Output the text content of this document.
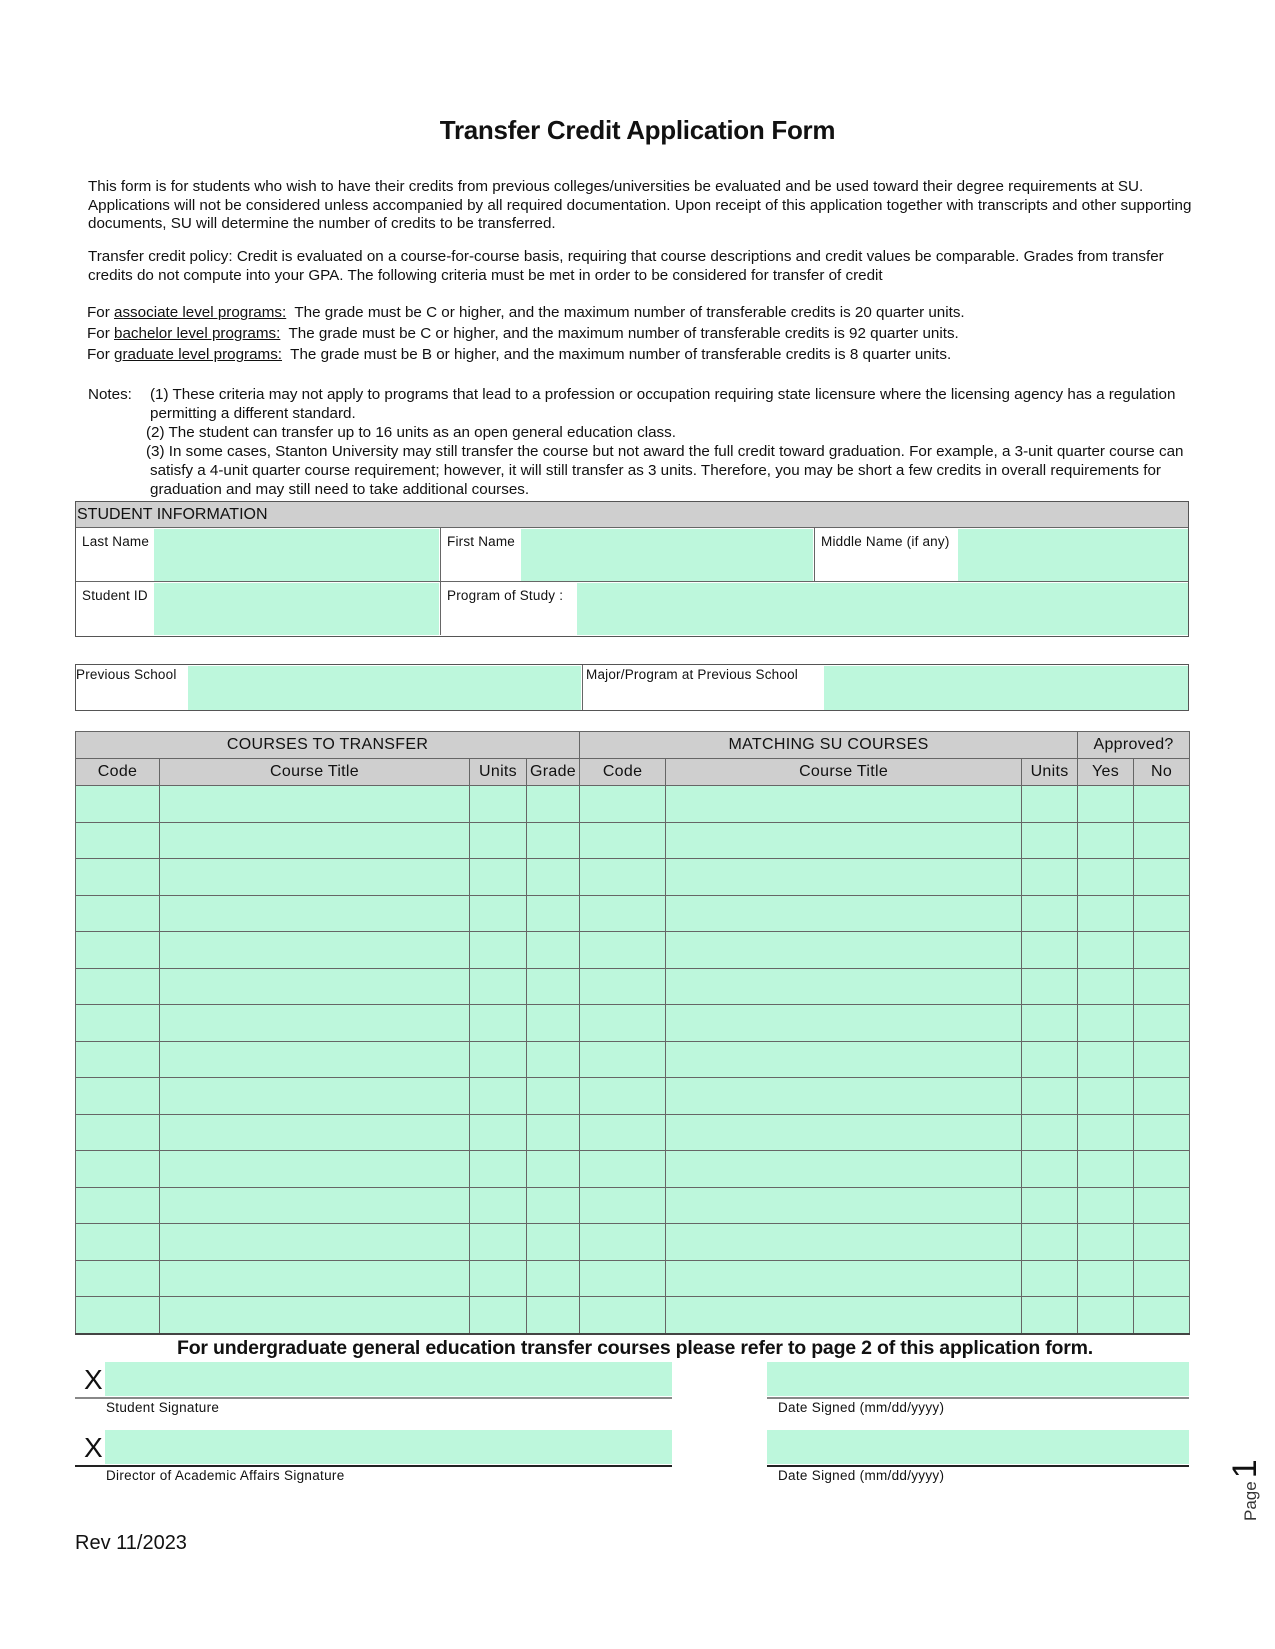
Transfer Credit Application Form
This form is for students who wish to have their credits from previous colleges/universities be evaluated and be used toward their degree requirements at SU. Applications will not be considered unless accompanied by all required documentation. Upon receipt of this application together with transcripts and other supporting documents, SU will determine the number of credits to be transferred.
Transfer credit policy: Credit is evaluated on a course-for-course basis, requiring that course descriptions and credit values be comparable. Grades from transfer credits do not compute into your GPA. The following criteria must be met in order to be considered for transfer of credit
For associate level programs:  The grade must be C or higher, and the maximum number of transferable credits is 20 quarter units.
For bachelor level programs:  The grade must be C or higher, and the maximum number of transferable credits is 92 quarter units.
For graduate level programs:  The grade must be B or higher, and the maximum number of transferable credits is 8 quarter units.
Notes: (1) These criteria may not apply to programs that lead to a profession or occupation requiring state licensure where the licensing agency has a regulation permitting a different standard.
(2) The student can transfer up to 16 units as an open general education class.
(3) In some cases, Stanton University may still transfer the course but not award the full credit toward graduation. For example, a 3-unit quarter course can satisfy a 4-unit quarter course requirement; however, it will still transfer as 3 units. Therefore, you may be short a few credits in overall requirements for graduation and may still need to take additional courses.
STUDENT INFORMATION
Last Name	First Name	Middle Name (if any)
Student ID	Program of Study :
Previous School	Major/Program at Previous School
COURSES TO TRANSFER				MATCHING SU COURSES			Approved?	
Code	Course Title	Units	Grade	Code	Course Title	Units	Yes	No

For undergraduate general education transfer courses please refer to page 2 of this application form.
X
Student Signature	Date Signed (mm/dd/yyyy)
X
Director of Academic Affairs Signature	Date Signed (mm/dd/yyyy)
Rev 11/2023
Page1
